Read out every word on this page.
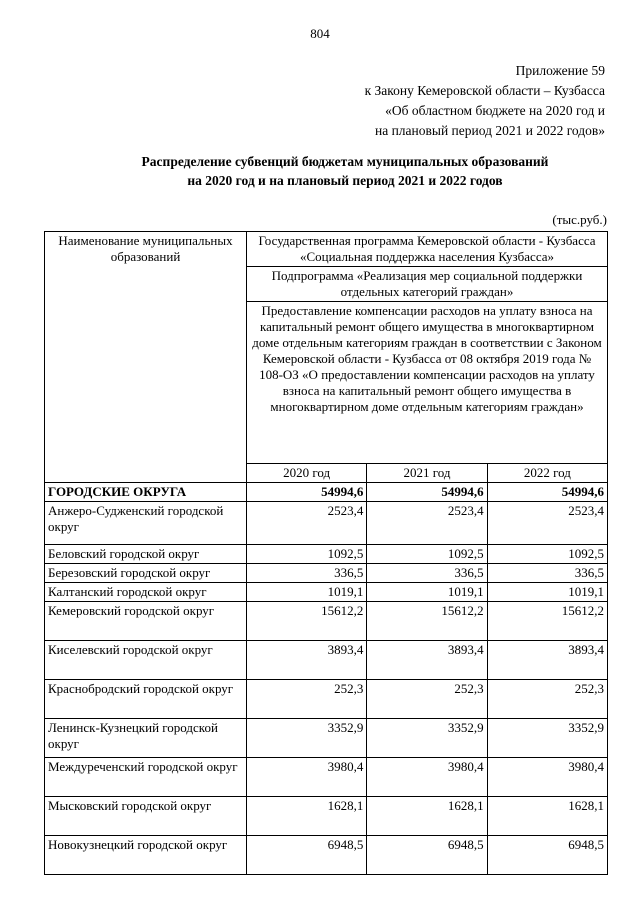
804
Приложение 59
к Закону Кемеровской области – Кузбасса
«Об областном бюджете на 2020 год и
на плановый период 2021 и 2022 годов»
Распределение субвенций бюджетам муниципальных образований
на 2020 год и на плановый период 2021 и 2022 годов
(тыс.руб.)
Наименование муниципальных образований	Государственная программа Кемеровской области - Кузбасса «Социальная поддержка населения Кузбасса»		
	Подпрограмма «Реализация мер социальной поддержки отдельных категорий граждан»		
	Предоставление компенсации расходов на уплату взноса на капитальный ремонт общего имущества в многоквартирном доме отдельным категориям граждан в соответствии с Законом Кемеровской области - Кузбасса от 08 октября 2019 года № 108-ОЗ «О предоставлении компенсации расходов на уплату взноса на капитальный ремонт общего имущества в многоквартирном доме отдельным категориям граждан»		
	2020 год	2021 год	2022 год
ГОРОДСКИЕ ОКРУГА	54994,6	54994,6	54994,6
Анжеро-Судженский городской округ	2523,4	2523,4	2523,4
Беловский городской округ	1092,5	1092,5	1092,5
Березовский городской округ	336,5	336,5	336,5
Калтанский городской округ	1019,1	1019,1	1019,1
Кемеровский городской округ	15612,2	15612,2	15612,2
Киселевский городской округ	3893,4	3893,4	3893,4
Краснобродский городской округ	252,3	252,3	252,3
Ленинск-Кузнецкий городской округ	3352,9	3352,9	3352,9
Междуреченский городской округ	3980,4	3980,4	3980,4
Мысковский городской округ	1628,1	1628,1	1628,1
Новокузнецкий городской округ	6948,5	6948,5	6948,5
